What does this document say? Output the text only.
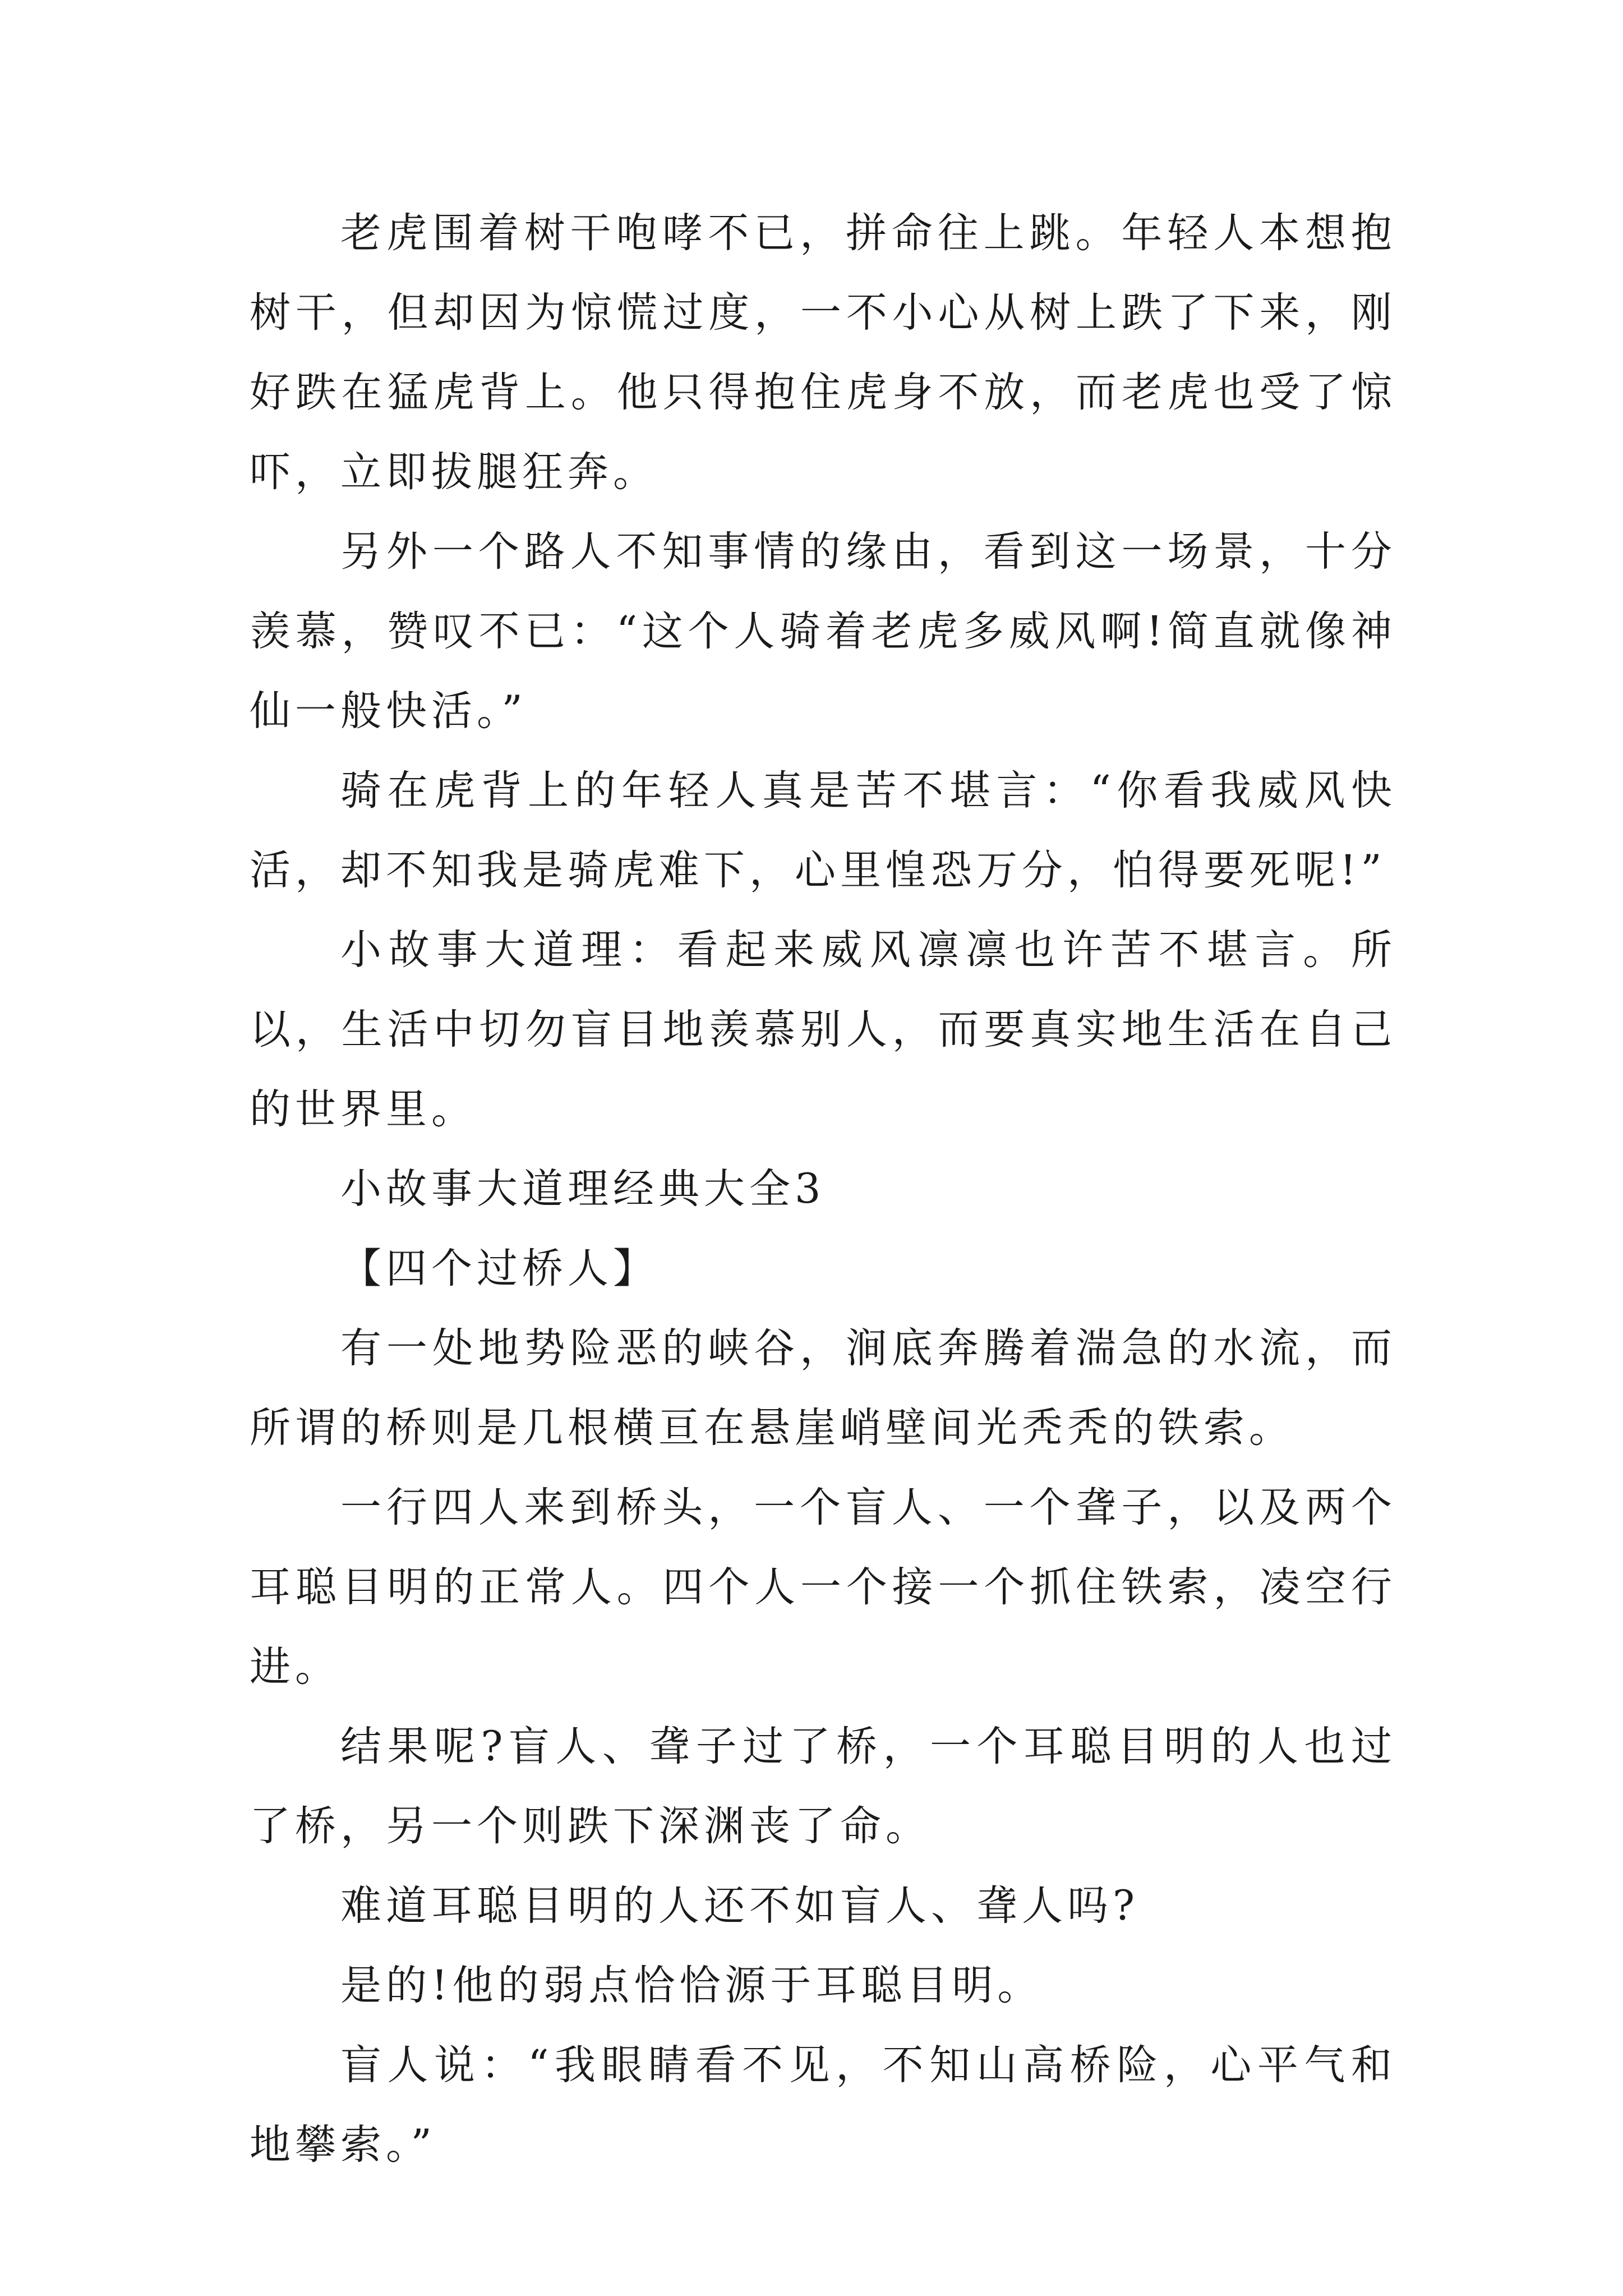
老虎围着树干咆哮不已，拼命往上跳。年轻人本想抱树干，但却因为惊慌过度，一不小心从树上跌了下来，刚好跌在猛虎背上。他只得抱住虎身不放，而老虎也受了惊吓，立即拔腿狂奔。

另外一个路人不知事情的缘由，看到这一场景，十分羡慕，赞叹不已：“这个人骑着老虎多威风啊!简直就像神仙一般快活。”

骑在虎背上的年轻人真是苦不堪言：“你看我威风快活，却不知我是骑虎难下，心里惶恐万分，怕得要死呢!”

小故事大道理：看起来威风凛凛也许苦不堪言。所以，生活中切勿盲目地羡慕别人，而要真实地生活在自己的世界里。

小故事大道理经典大全3

【四个过桥人】

有一处地势险恶的峡谷，涧底奔腾着湍急的水流，而所谓的桥则是几根横亘在悬崖峭壁间光秃秃的铁索。

一行四人来到桥头，一个盲人、一个聋子，以及两个耳聪目明的正常人。四个人一个接一个抓住铁索，凌空行进。

结果呢?盲人、聋子过了桥，一个耳聪目明的人也过了桥，另一个则跌下深渊丧了命。

难道耳聪目明的人还不如盲人、聋人吗?

是的!他的弱点恰恰源于耳聪目明。

盲人说：“我眼睛看不见，不知山高桥险，心平气和地攀索。”
